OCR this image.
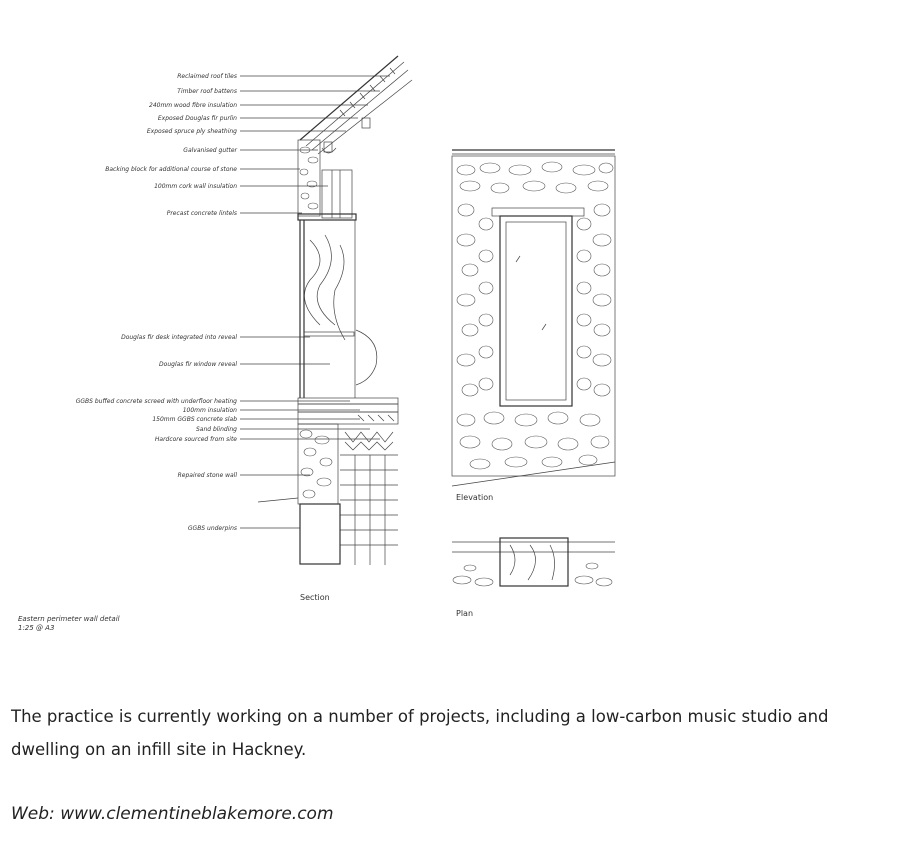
Reclaimed roof tiles
Timber roof battens
240mm wood fibre insulation
Exposed Douglas fir purlin
Exposed spruce ply sheathing
Galvanised gutter
Backing block for additional course of stone
100mm cork wall insulation
Precast concrete lintels
Douglas fir desk integrated into reveal
Douglas fir window reveal
GGBS buffed concrete screed with underfloor heating
100mm insulation
150mm GGBS concrete slab
Sand blinding
Hardcore sourced from site
Repaired stone wall
GGBS underpins
Section
Elevation
Plan
Eastern perimeter wall detail
1:25 @ A3

The practice is currently working on a number of projects, including a low-carbon music studio and dwelling on an infill site in Hackney.

Web: www.clementineblakemore.com
